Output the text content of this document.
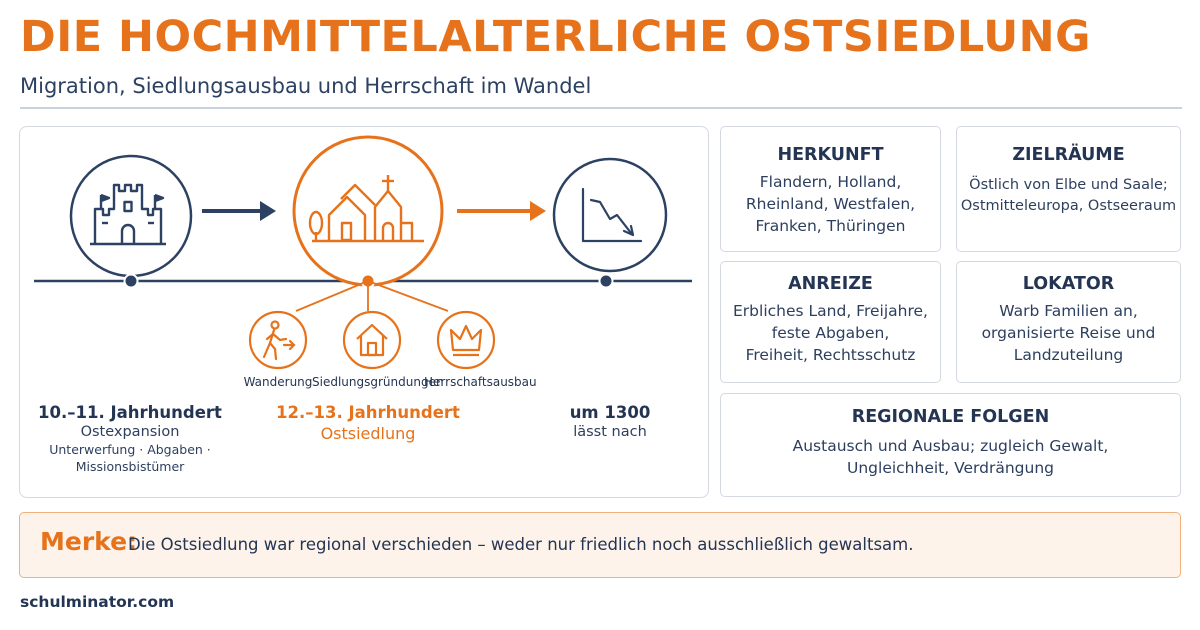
DIE HOCHMITTELALTERLICHE OSTSIEDLUNG
Migration, Siedlungsausbau und Herrschaft im Wandel
Wanderung Siedlungsgründungen
Herrschaftsausbau
10.–11. Jahrhundert
Ostexpansion
Unterwerfung · Abgaben ·
Missionsbistümer
12.–13. Jahrhundert
Ostsiedlung
um 1300
lässt nach
HERKUNFT
Flandern, Holland,
Rheinland, Westfalen,
Franken, Thüringen
ZIELRÄUME
Östlich von Elbe und Saale;
Ostmitteleuropa, Ostseeraum
ANREIZE
Erbliches Land, Freijahre,
feste Abgaben,
Freiheit, Rechtsschutz
LOKATOR
Warb Familien an,
organisierte Reise und
Landzuteilung
REGIONALE FOLGEN
Austausch und Ausbau; zugleich Gewalt,
Ungleichheit, Verdrängung
Merke:
Die Ostsiedlung war regional verschieden – weder nur friedlich noch ausschließlich gewaltsam.
schulminator.com
